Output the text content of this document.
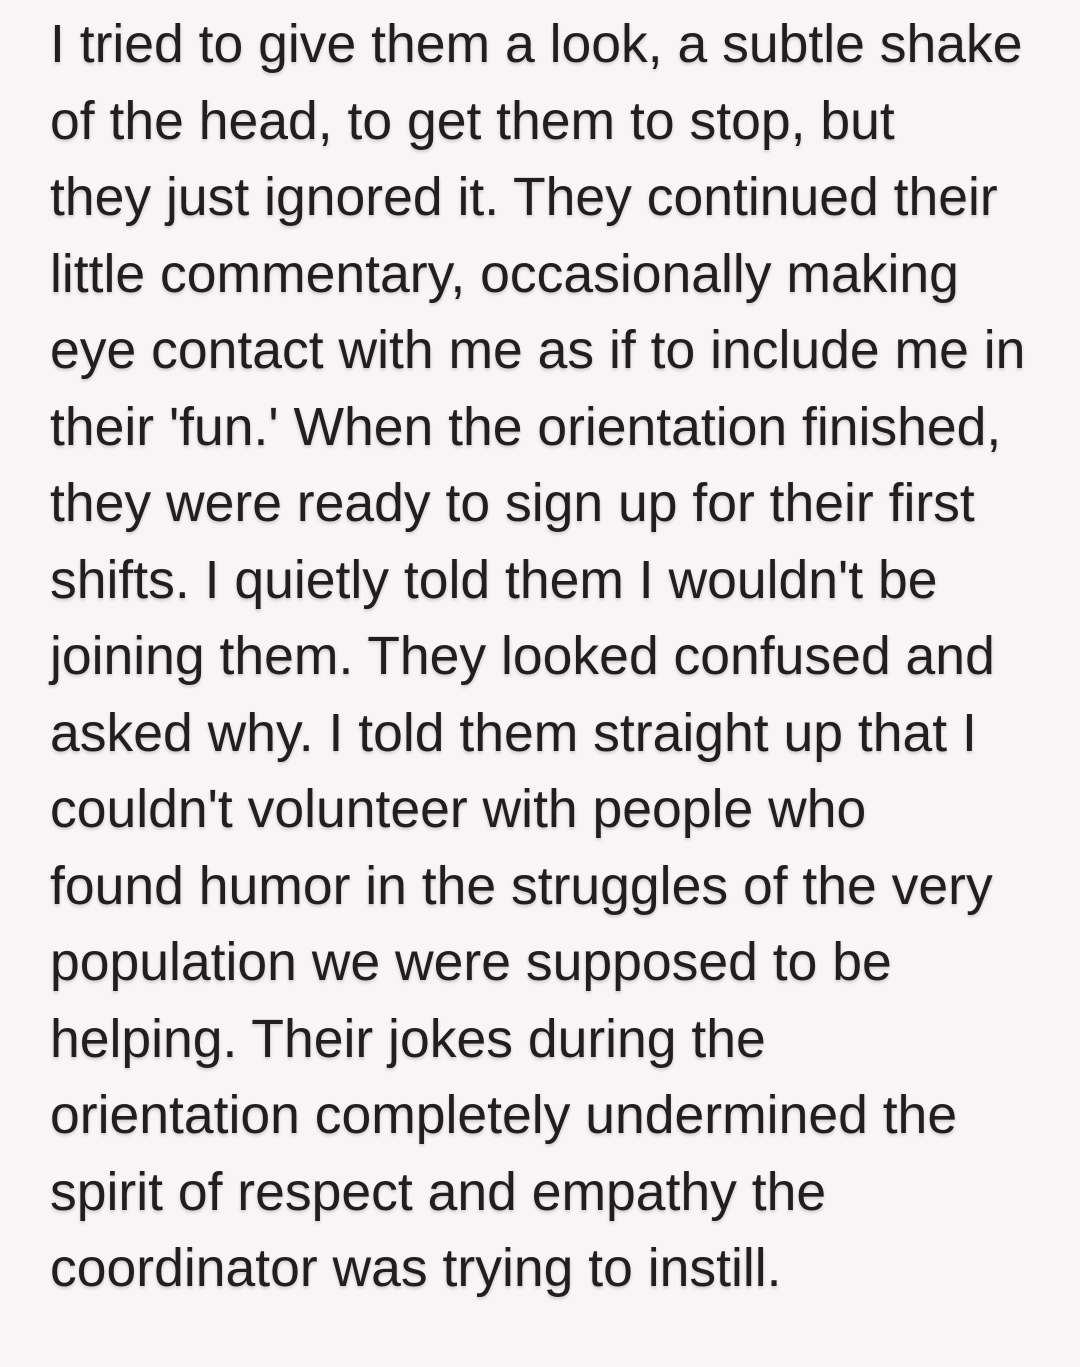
I tried to give them a look, a subtle shake
of the head, to get them to stop, but
they just ignored it. They continued their
little commentary, occasionally making
eye contact with me as if to include me in
their 'fun.' When the orientation finished,
they were ready to sign up for their first
shifts. I quietly told them I wouldn't be
joining them. They looked confused and
asked why. I told them straight up that I
couldn't volunteer with people who
found humor in the struggles of the very
population we were supposed to be
helping. Their jokes during the
orientation completely undermined the
spirit of respect and empathy the
coordinator was trying to instill.
